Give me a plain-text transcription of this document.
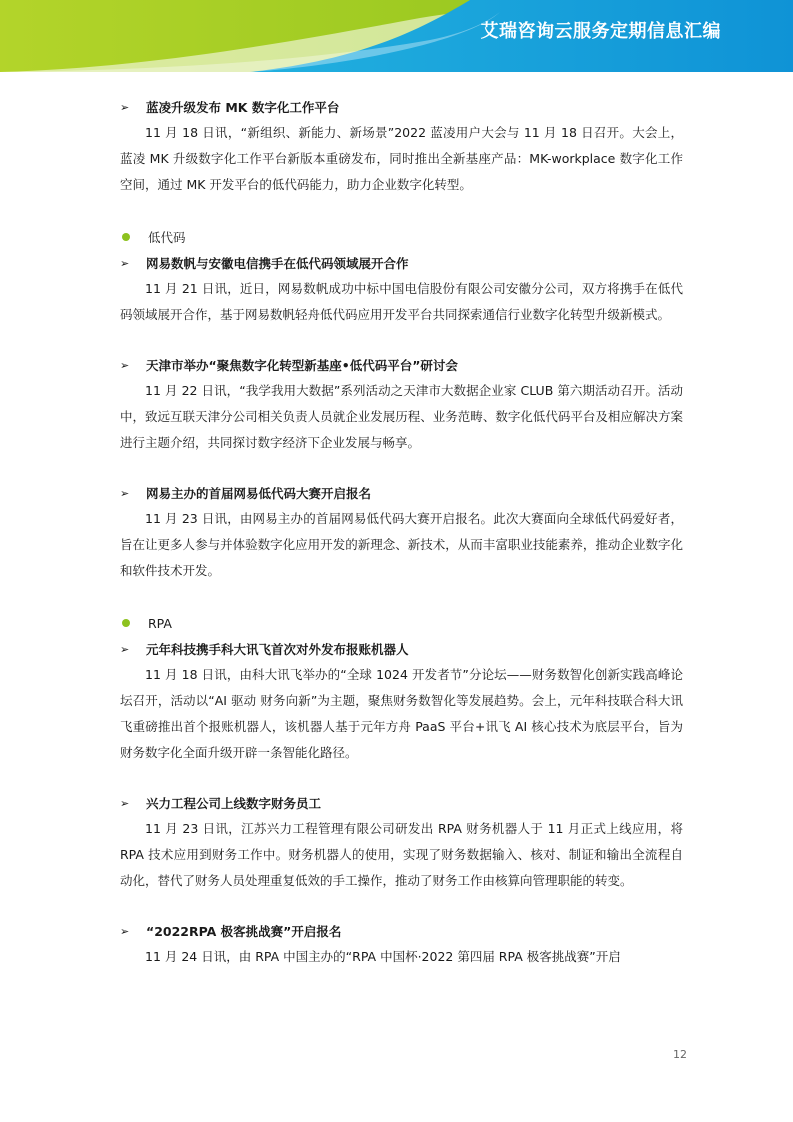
艾瑞咨询云服务定期信息汇编
➢	蓝凌升级发布 MK 数字化工作平台

11 月 18 日讯，“新组织、新能力、新场景”2022 蓝凌用户大会与 11 月 18 日召开。大会上，蓝凌 MK 升级数字化工作平台新版本重磅发布，同时推出全新基座产品：MK-workplace 数字化工作空间，通过 MK 开发平台的低代码能力，助力企业数字化转型。

低代码
➢	网易数帆与安徽电信携手在低代码领域展开合作

11 月 21 日讯，近日，网易数帆成功中标中国电信股份有限公司安徽分公司，双方将携手在低代码领域展开合作，基于网易数帆轻舟低代码应用开发平台共同探索通信行业数字化转型升级新模式。

➢	天津市举办“聚焦数字化转型新基座•低代码平台”研讨会

11 月 22 日讯，“我学我用大数据”系列活动之天津市大数据企业家 CLUB 第六期活动召开。活动中，致远互联天津分公司相关负责人员就企业发展历程、业务范畴、数字化低代码平台及相应解决方案进行主题介绍，共同探讨数字经济下企业发展与畅享。

➢	网易主办的首届网易低代码大赛开启报名

11 月 23 日讯，由网易主办的首届网易低代码大赛开启报名。此次大赛面向全球低代码爱好者，旨在让更多人参与并体验数字化应用开发的新理念、新技术，从而丰富职业技能素养，推动企业数字化和软件技术开发。

RPA
➢	元年科技携手科大讯飞首次对外发布报账机器人

11 月 18 日讯，由科大讯飞举办的“全球 1024 开发者节”分论坛——财务数智化创新实践高峰论坛召开，活动以“AI 驱动 财务向新”为主题，聚焦财务数智化等发展趋势。会上，元年科技联合科大讯飞重磅推出首个报账机器人，该机器人基于元年方舟 PaaS 平台+讯飞 AI 核心技术为底层平台，旨为财务数字化全面升级开辟一条智能化路径。

➢	兴力工程公司上线数字财务员工

11 月 23 日讯，江苏兴力工程管理有限公司研发出 RPA 财务机器人于 11 月正式上线应用，将 RPA 技术应用到财务工作中。财务机器人的使用，实现了财务数据输入、核对、制证和输出全流程自动化，替代了财务人员处理重复低效的手工操作，推动了财务工作由核算向管理职能的转变。

➢	“2022RPA 极客挑战赛”开启报名

11 月 24 日讯，由 RPA 中国主办的“RPA 中国杯·2022 第四届 RPA 极客挑战赛”开启

12
